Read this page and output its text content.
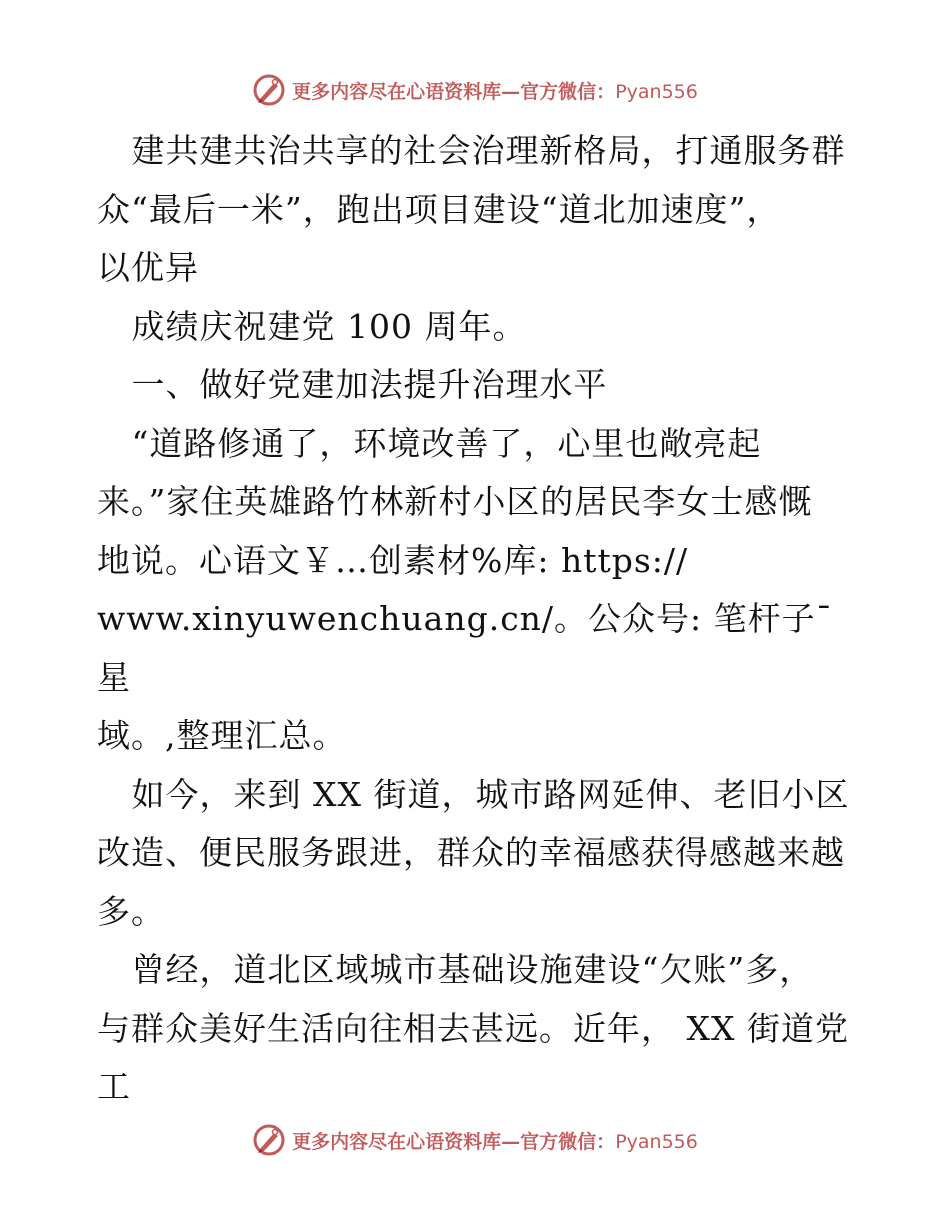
更多内容尽在心语资料库—官方微信：Pyan556

建共建共治共享的社会治理新格局，打通服务群

众“最后一米”，跑出项目建设“道北加速度”，

以优异

成绩庆祝建党 100 周年。

一、做好党建加法提升治理水平

“道路修通了，环境改善了，心里也敞亮起

来。”家住英雄路竹林新村小区的居民李女士感慨

地说。心语文￥…创素材%库: https://

www.xinyuwenchuang.cn/。公众号: 笔杆子¯星

域。,整理汇总。

如今，来到 XX 街道，城市路网延伸、老旧小区

改造、便民服务跟进，群众的幸福感获得感越来越

多。

曾经，道北区域城市基础设施建设“欠账”多，

与群众美好生活向往相去甚远。近年， XX 街道党

工

更多内容尽在心语资料库—官方微信：Pyan556
